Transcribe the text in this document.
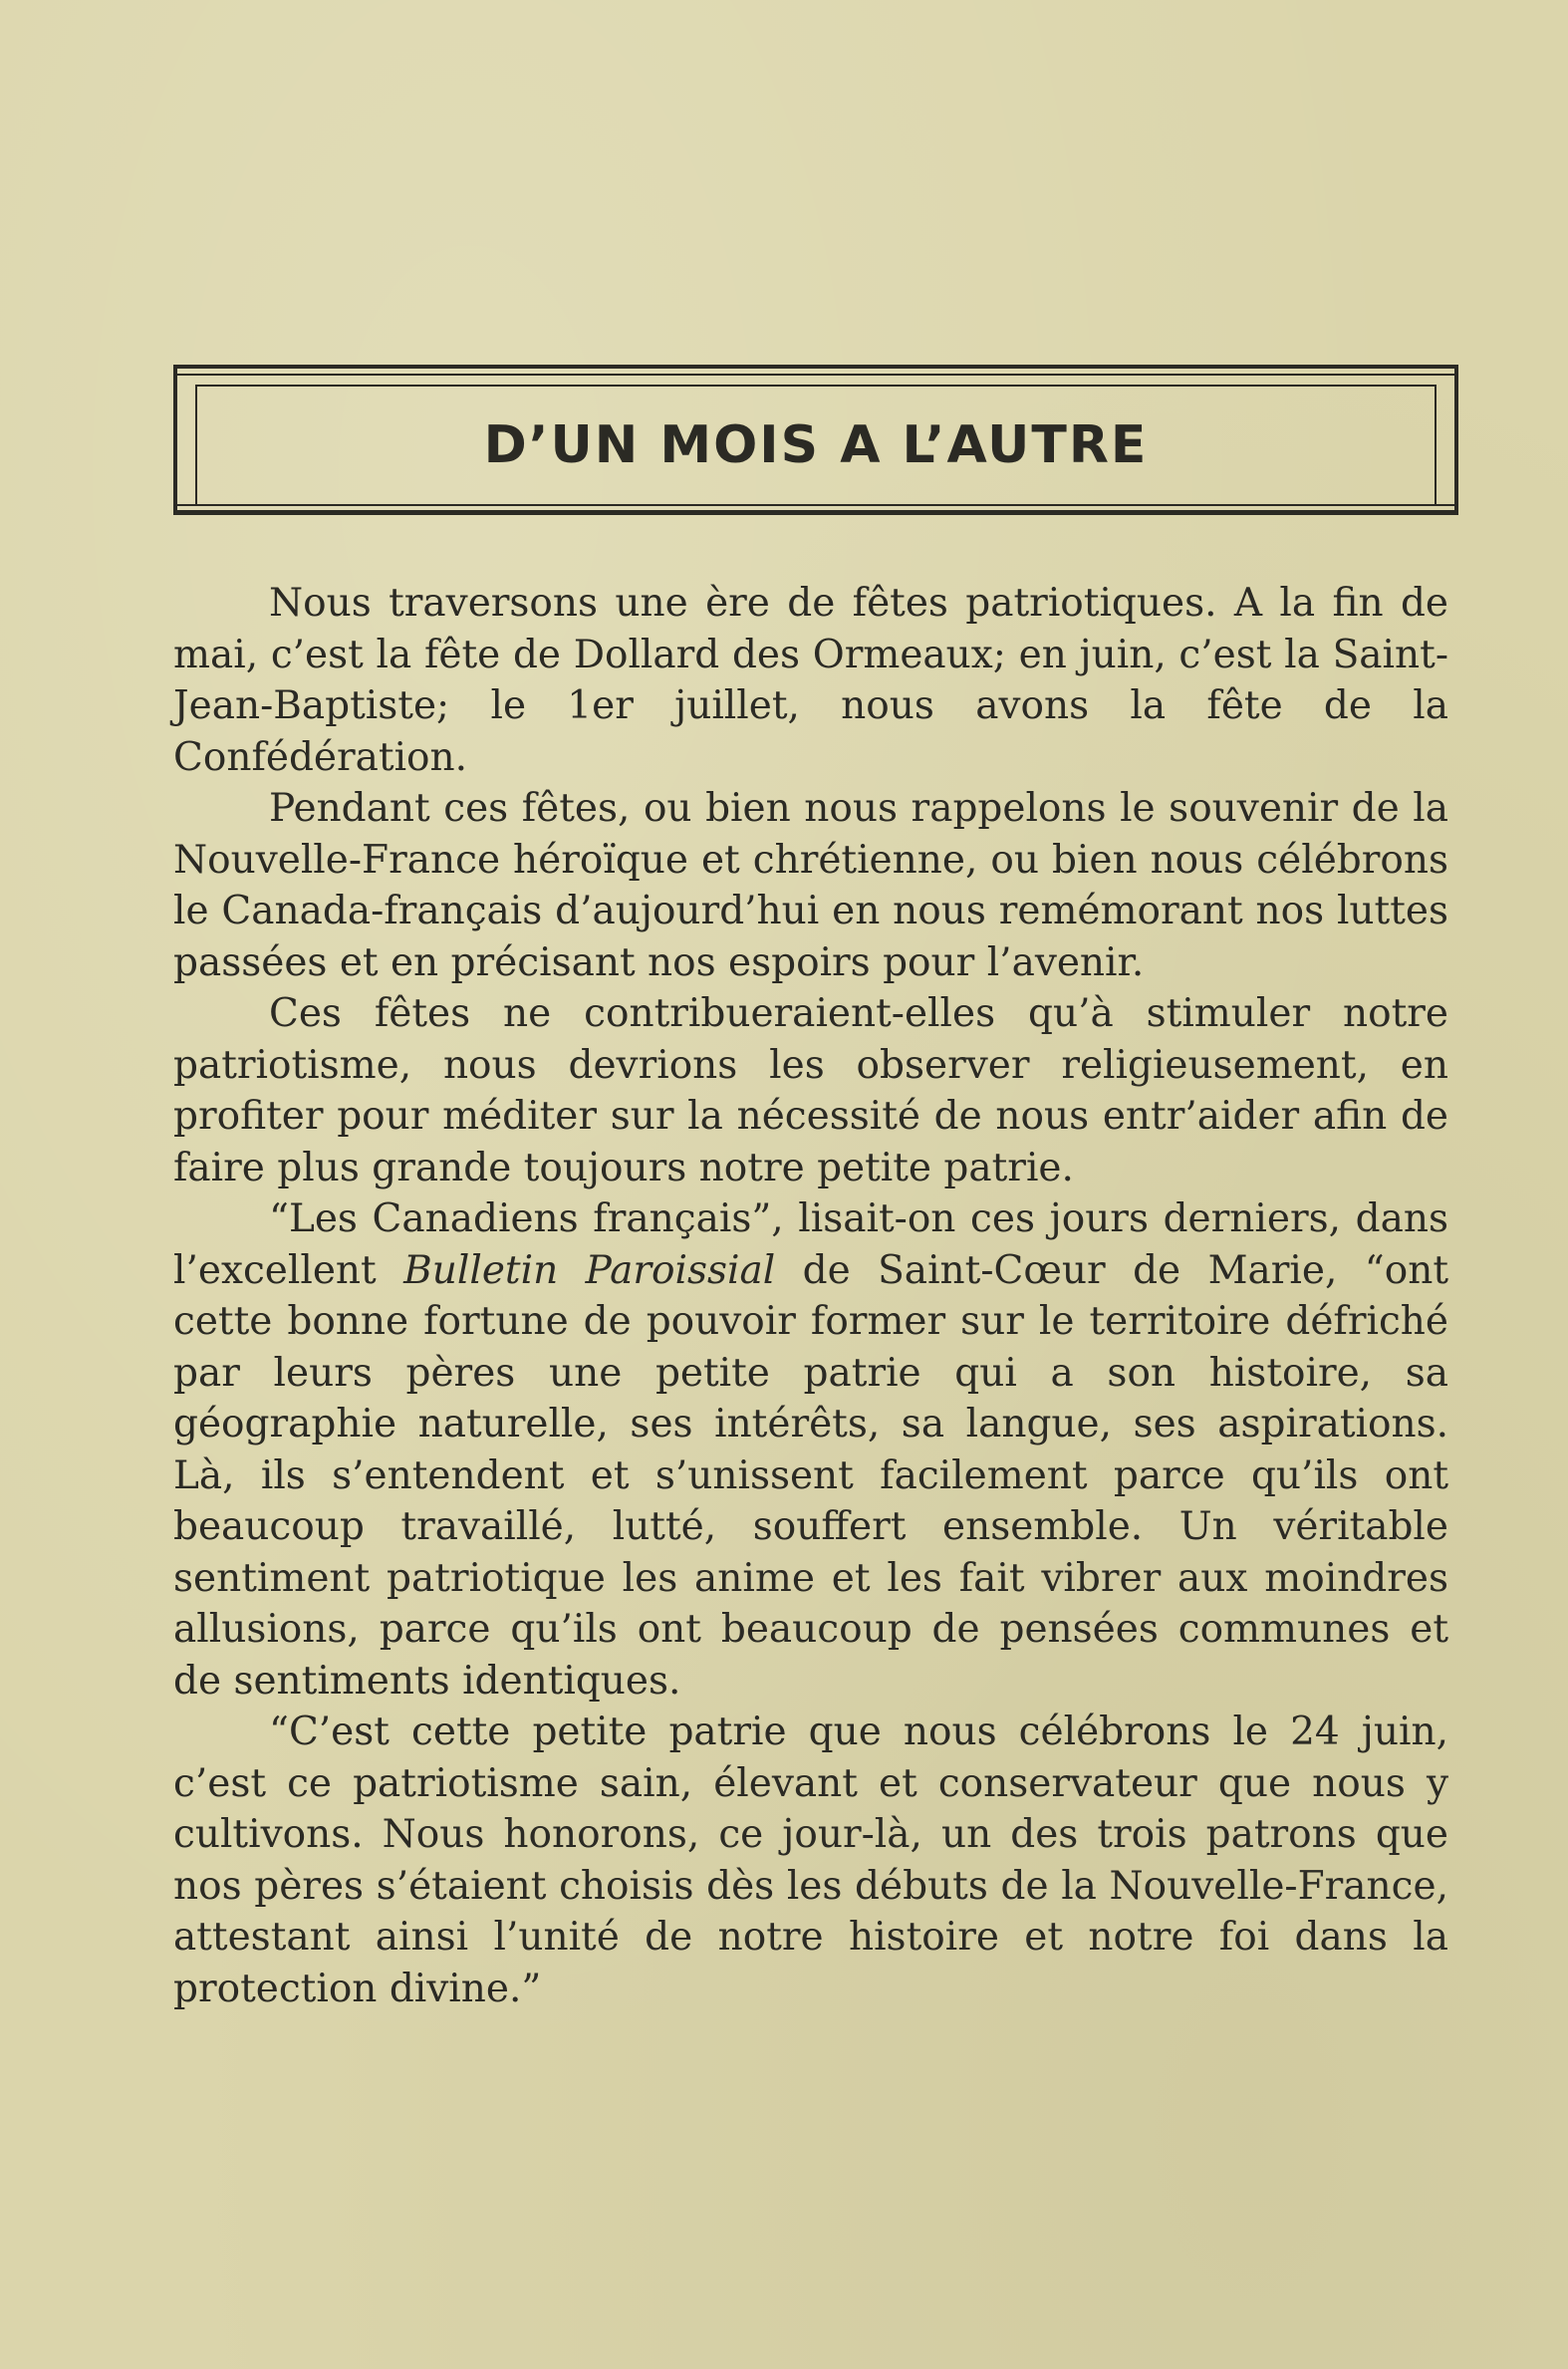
D’UN MOIS A L’AUTRE

Nous traversons une ère de fêtes patriotiques. A la fin de mai, c’est la fête de Dollard des Ormeaux; en juin, c’est la Saint-Jean-Baptiste; le 1er juillet, nous avons la fête de la Confédération.

Pendant ces fêtes, ou bien nous rappelons le souvenir de la Nouvelle-France héroïque et chrétienne, ou bien nous célébrons le Canada-français d’aujourd’hui en nous remémorant nos luttes passées et en précisant nos espoirs pour l’avenir.

Ces fêtes ne contribueraient-elles qu’à stimuler notre patriotisme, nous devrions les observer religieusement, en profiter pour méditer sur la nécessité de nous entr’aider afin de faire plus grande toujours notre petite patrie.

“Les Canadiens français”, lisait-on ces jours derniers, dans l’excellent Bulletin Paroissial de Saint-Cœur de Marie, “ont cette bonne fortune de pouvoir former sur le territoire défriché par leurs pères une petite patrie qui a son histoire, sa géographie naturelle, ses intérêts, sa langue, ses aspirations. Là, ils s’entendent et s’unissent facilement parce qu’ils ont beaucoup travaillé, lutté, souffert ensemble. Un véritable sentiment patriotique les anime et les fait vibrer aux moindres allusions, parce qu’ils ont beaucoup de pensées communes et de sentiments identiques.

“C’est cette petite patrie que nous célébrons le 24 juin, c’est ce patriotisme sain, élevant et conservateur que nous y cultivons. Nous honorons, ce jour-là, un des trois patrons que nos pères s’étaient choisis dès les débuts de la Nouvelle-France, attestant ainsi l’unité de notre histoire et notre foi dans la protection divine.”
